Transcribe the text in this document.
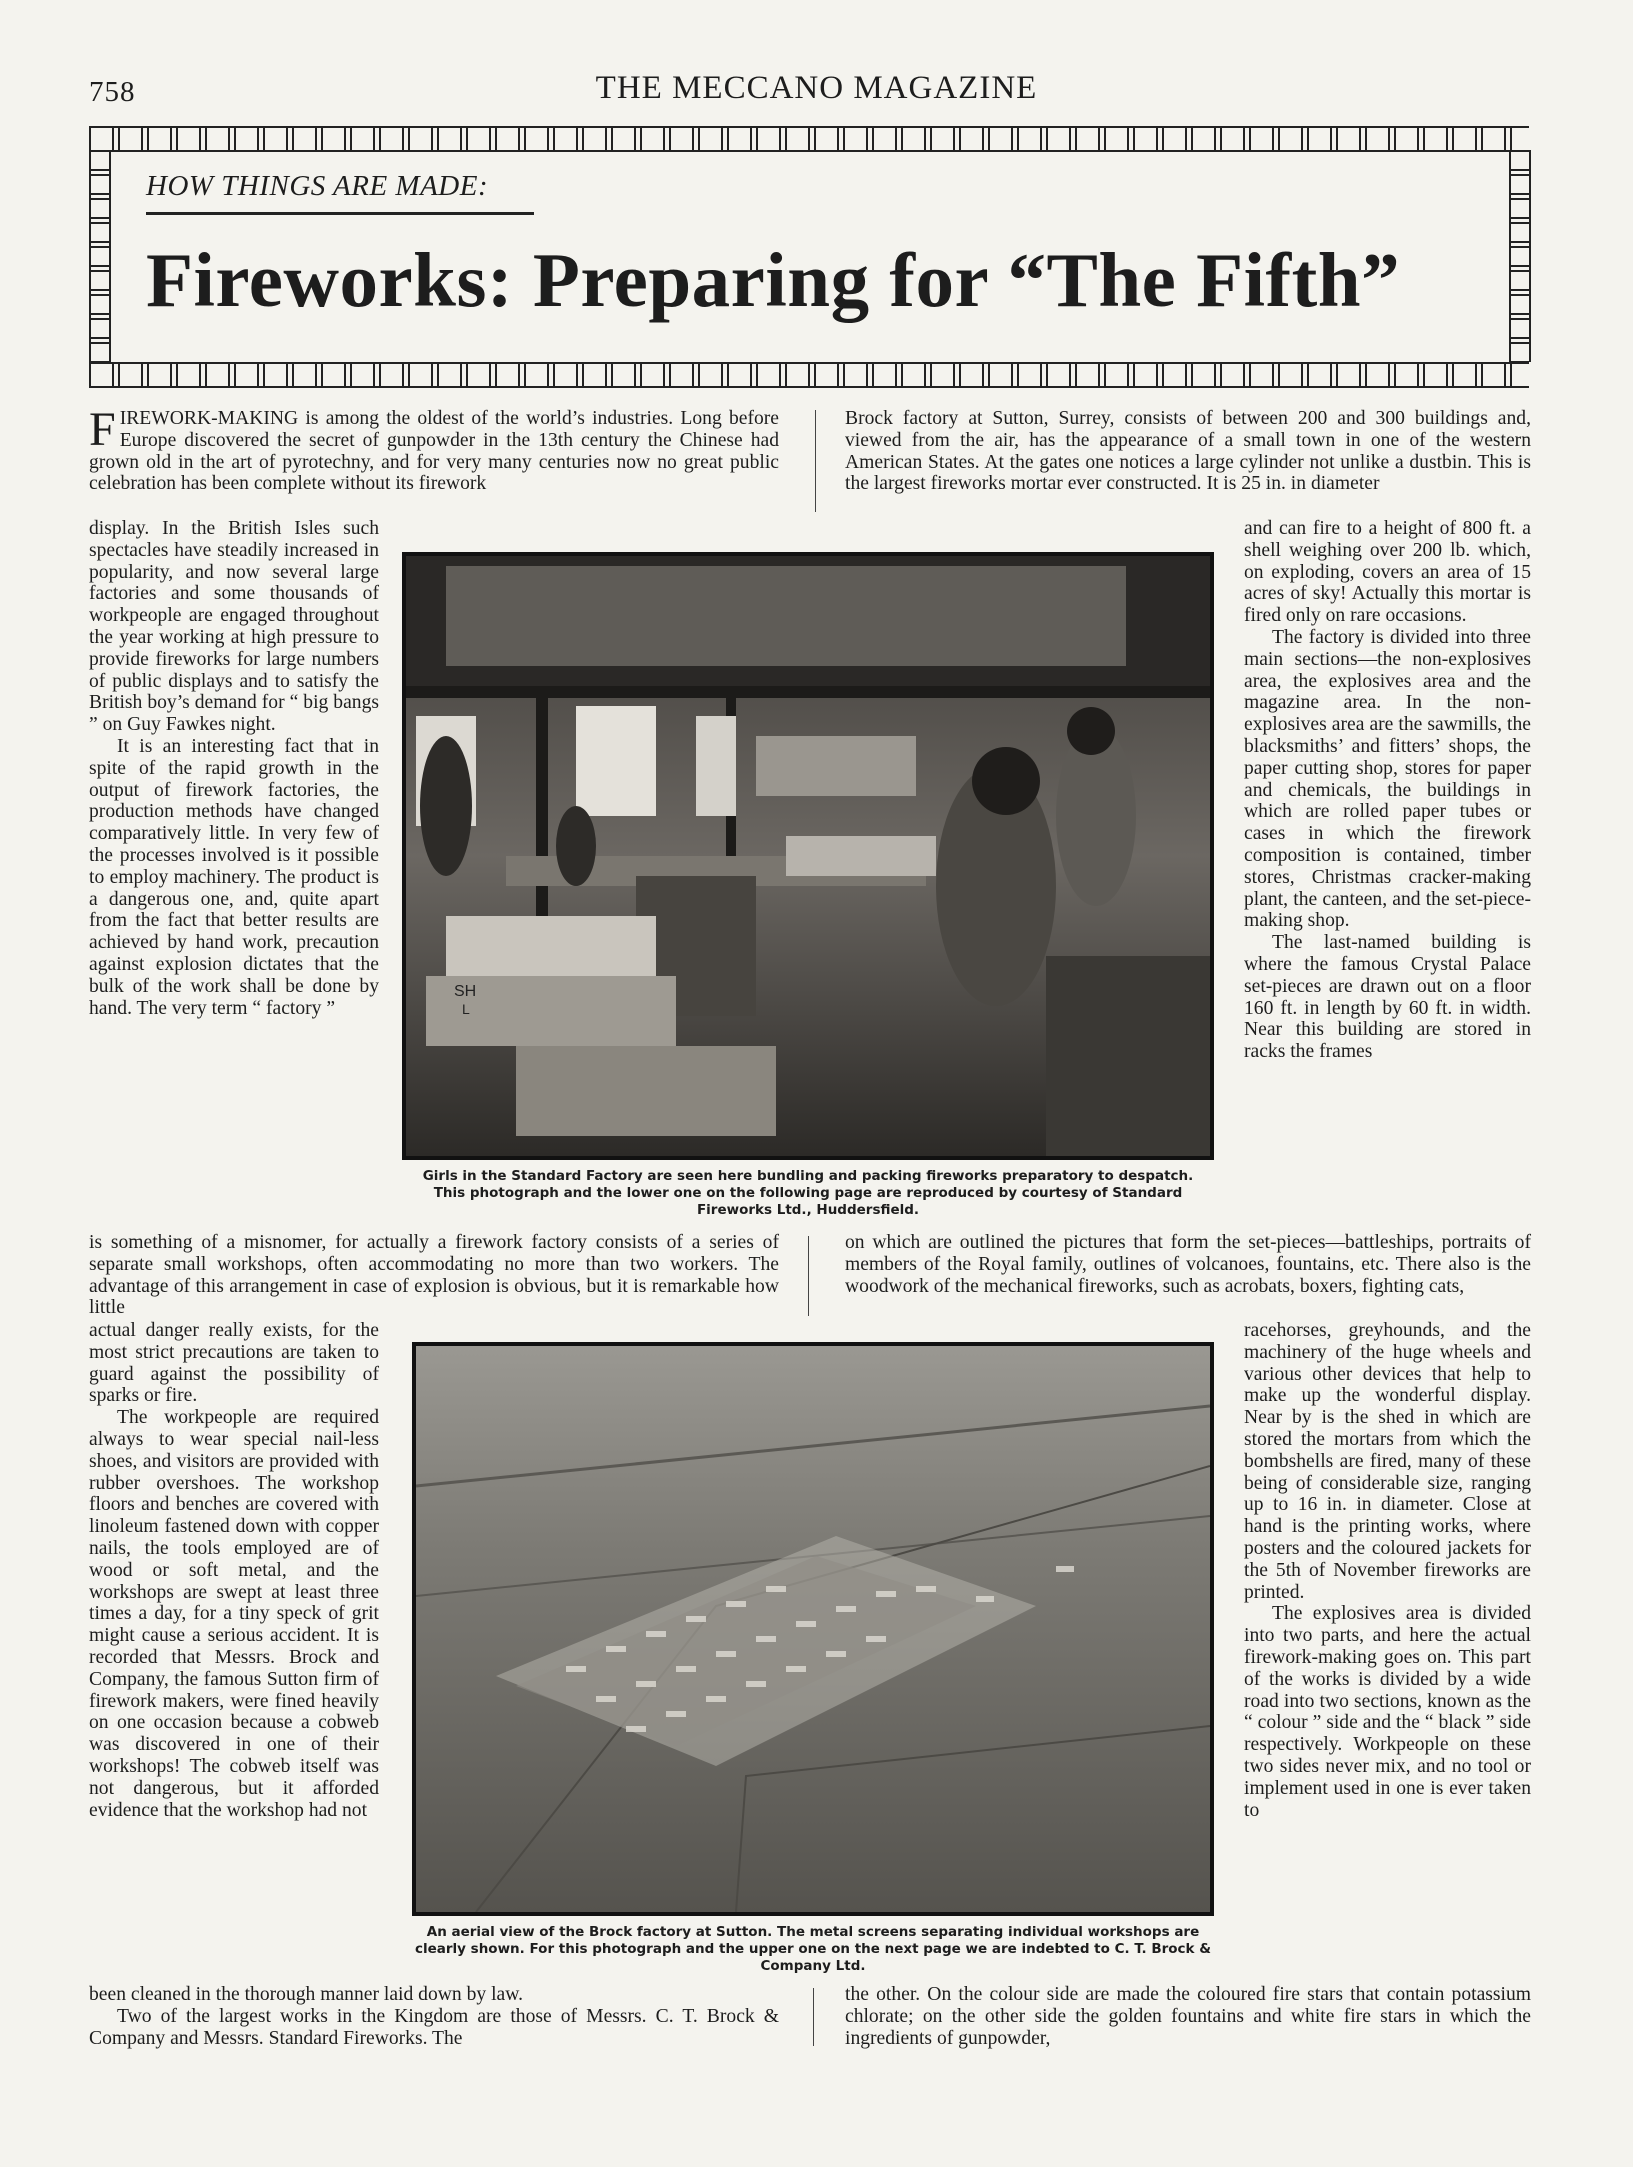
758	THE MECCANO MAGAZINE
HOW THINGS ARE MADE:
Fireworks: Preparing for “The Fifth”
FIREWORK-MAKING is among the oldest of the world’s industries. Long before Europe discovered the secret of gunpowder in the 13th century the Chinese had grown old in the art of pyrotechny, and for very many centuries now no great public celebration has been complete without its firework
Brock factory at Sutton, Surrey, consists of between 200 and 300 buildings and, viewed from the air, has the appearance of a small town in one of the western American States. At the gates one notices a large cylinder not unlike a dustbin. This is the largest fireworks mortar ever constructed. It is 25 in. in diameter

display. In the British Isles such spectacles have steadily increased in popularity, and now several large factories and some thousands of workpeople are engaged throughout the year working at high pressure to provide fireworks for large numbers of public displays and to satisfy the British boy’s demand for “ big bangs ” on Guy Fawkes night.

It is an interesting fact that in spite of the rapid growth in the output of firework factories, the production methods have changed comparatively little. In very few of the processes involved is it possible to employ machinery. The product is a dangerous one, and, quite apart from the fact that better results are achieved by hand work, precaution against explosion dictates that the bulk of the work shall be done by hand. The very term “ factory ”

SH
L
Girls in the Standard Factory are seen here bundling and packing fireworks preparatory to despatch. This photograph and the lower one on the following page are reproduced by courtesy of Standard Fireworks Ltd., Huddersfield.

and can fire to a height of 800 ft. a shell weighing over 200 lb. which, on exploding, covers an area of 15 acres of sky! Actually this mortar is fired only on rare occasions.

The factory is divided into three main sections—the non-explosives area, the explosives area and the magazine area. In the non-explosives area are the sawmills, the blacksmiths’ and fitters’ shops, the paper cutting shop, stores for paper and chemicals, the buildings in which are rolled paper tubes or cases in which the firework composition is contained, timber stores, Christmas cracker-making plant, the canteen, and the set-piece-making shop.

The last-named building is where the famous Crystal Palace set-pieces are drawn out on a floor 160 ft. in length by 60 ft. in width. Near this building are stored in racks the frames

is something of a misnomer, for actually a firework factory consists of a series of separate small workshops, often accommodating no more than two workers. The advantage of this arrangement in case of explosion is obvious, but it is remarkable how little
on which are outlined the pictures that form the set-pieces—battleships, portraits of members of the Royal family, outlines of volcanoes, fountains, etc. There also is the woodwork of the mechanical fireworks, such as acrobats, boxers, fighting cats,

actual danger really exists, for the most strict precautions are taken to guard against the possibility of sparks or fire.

The workpeople are required always to wear special nail-less shoes, and visitors are provided with rubber overshoes. The workshop floors and benches are covered with linoleum fastened down with copper nails, the tools employed are of wood or soft metal, and the workshops are swept at least three times a day, for a tiny speck of grit might cause a serious accident. It is recorded that Messrs. Brock and Company, the famous Sutton firm of firework makers, were fined heavily on one occasion because a cobweb was discovered in one of their workshops! The cobweb itself was not dangerous, but it afforded evidence that the workshop had not

An aerial view of the Brock factory at Sutton. The metal screens separating individual workshops are clearly shown. For this photograph and the upper one on the next page we are indebted to C. T. Brock & Company Ltd.

racehorses, greyhounds, and the machinery of the huge wheels and various other devices that help to make up the wonderful display. Near by is the shed in which are stored the mortars from which the bombshells are fired, many of these being of considerable size, ranging up to 16 in. in diameter. Close at hand is the printing works, where posters and the coloured jackets for the 5th of November fireworks are printed.

The explosives area is divided into two parts, and here the actual firework-making goes on. This part of the works is divided by a wide road into two sections, known as the “ colour ” side and the “ black ” side respectively. Workpeople on these two sides never mix, and no tool or implement used in one is ever taken to

been cleaned in the thorough manner laid down by law.

Two of the largest works in the Kingdom are those of Messrs. C. T. Brock & Company and Messrs. Standard Fireworks. The

the other. On the colour side are made the coloured fire stars that contain potassium chlorate; on the other side the golden fountains and white fire stars in which the ingredients of gunpowder,
